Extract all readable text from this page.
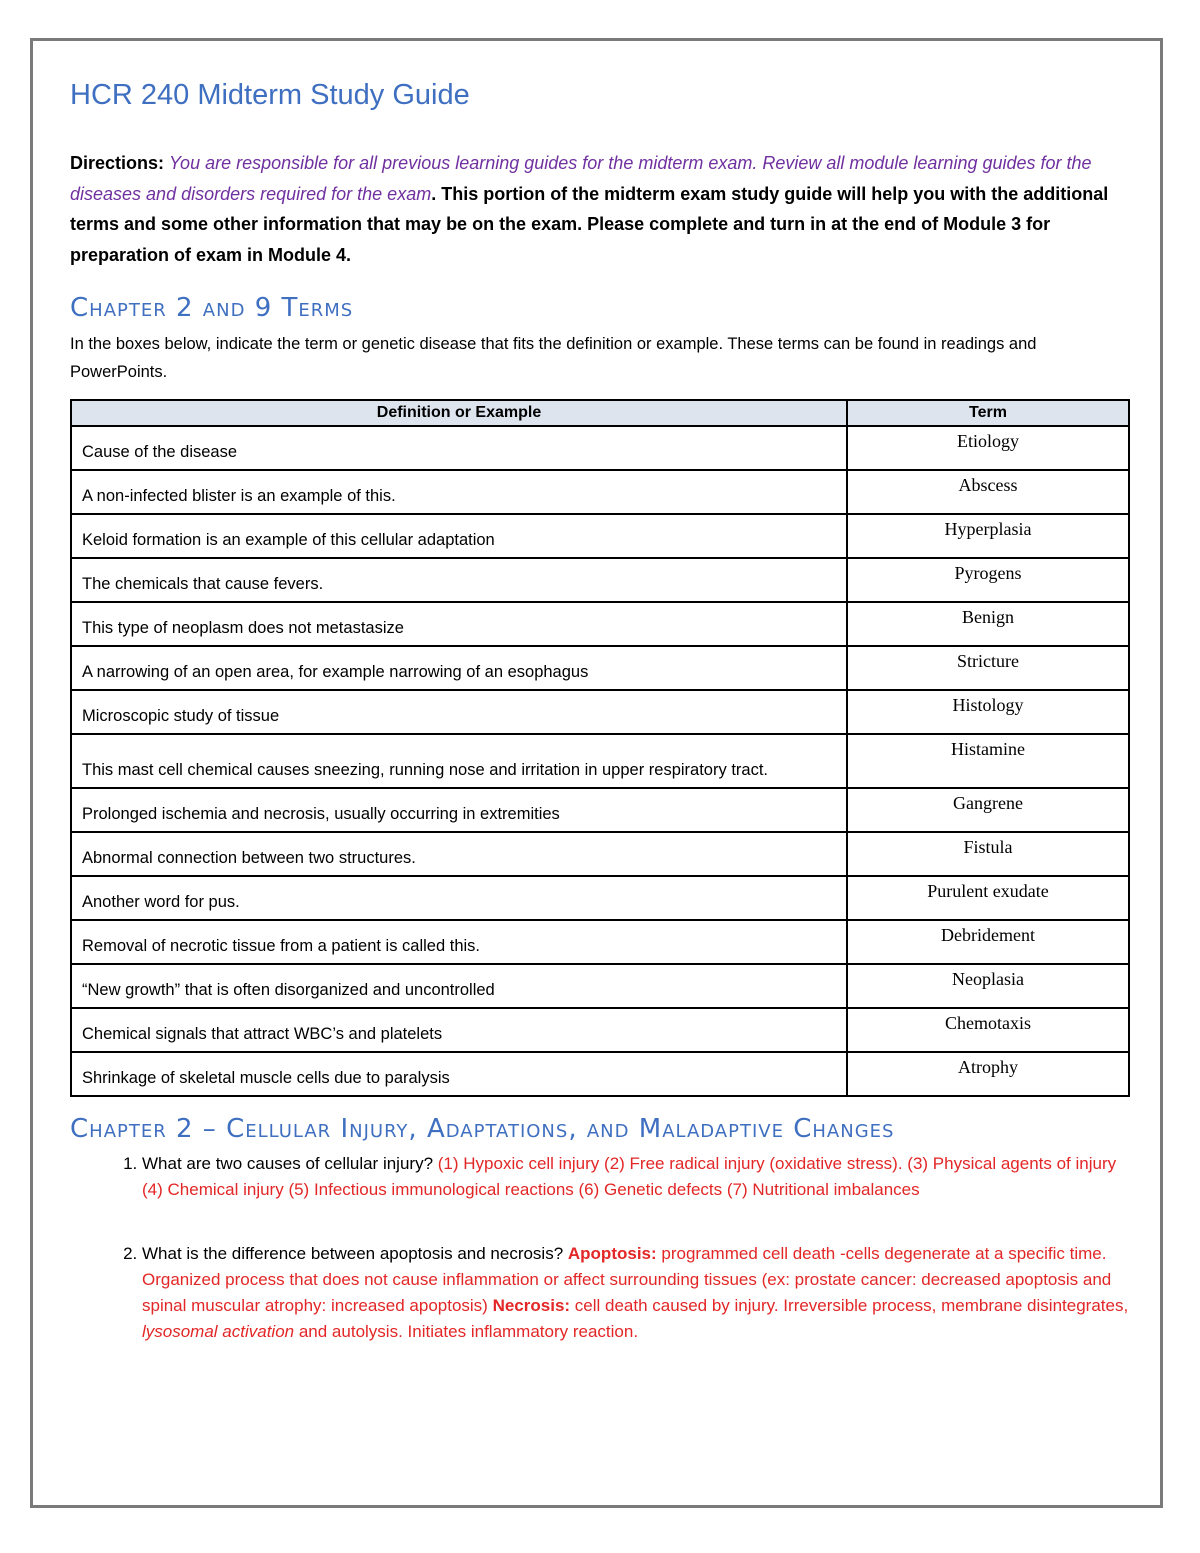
HCR 240 Midterm Study Guide
Directions: You are responsible for all previous learning guides for the midterm exam. Review all module learning guides for the diseases and disorders required for the exam. This portion of the midterm exam study guide will help you with the additional terms and some other information that may be on the exam. Please complete and turn in at the end of Module 3 for preparation of exam in Module 4.
Chapter 2 and 9 Terms
In the boxes below, indicate the term or genetic disease that fits the definition or example. These terms can be found in readings and PowerPoints.
Definition or Example	Term
Cause of the disease	Etiology
A non-infected blister is an example of this.	Abscess
Keloid formation is an example of this cellular adaptation	Hyperplasia
The chemicals that cause fevers.	Pyrogens
This type of neoplasm does not metastasize	Benign
A narrowing of an open area, for example narrowing of an esophagus	Stricture
Microscopic study of tissue	Histology
This mast cell chemical causes sneezing, running nose and irritation in upper respiratory tract.	Histamine
Prolonged ischemia and necrosis, usually occurring in extremities	Gangrene
Abnormal connection between two structures.	Fistula
Another word for pus.	Purulent exudate
Removal of necrotic tissue from a patient is called this.	Debridement
“New growth” that is often disorganized and uncontrolled	Neoplasia
Chemical signals that attract WBC’s and platelets	Chemotaxis
Shrinkage of skeletal muscle cells due to paralysis	Atrophy
Chapter 2 – Cellular Injury, Adaptations, and Maladaptive Changes
1. What are two causes of cellular injury? (1) Hypoxic cell injury (2) Free radical injury (oxidative stress). (3) Physical agents of injury (4) Chemical injury (5) Infectious immunological reactions (6) Genetic defects (7) Nutritional imbalances
2. What is the difference between apoptosis and necrosis? Apoptosis: programmed cell death -cells degenerate at a specific time. Organized process that does not cause inflammation or affect surrounding tissues (ex: prostate cancer: decreased apoptosis and spinal muscular atrophy: increased apoptosis) Necrosis: cell death caused by injury. Irreversible process, membrane disintegrates, lysosomal activation and autolysis. Initiates inflammatory reaction.
